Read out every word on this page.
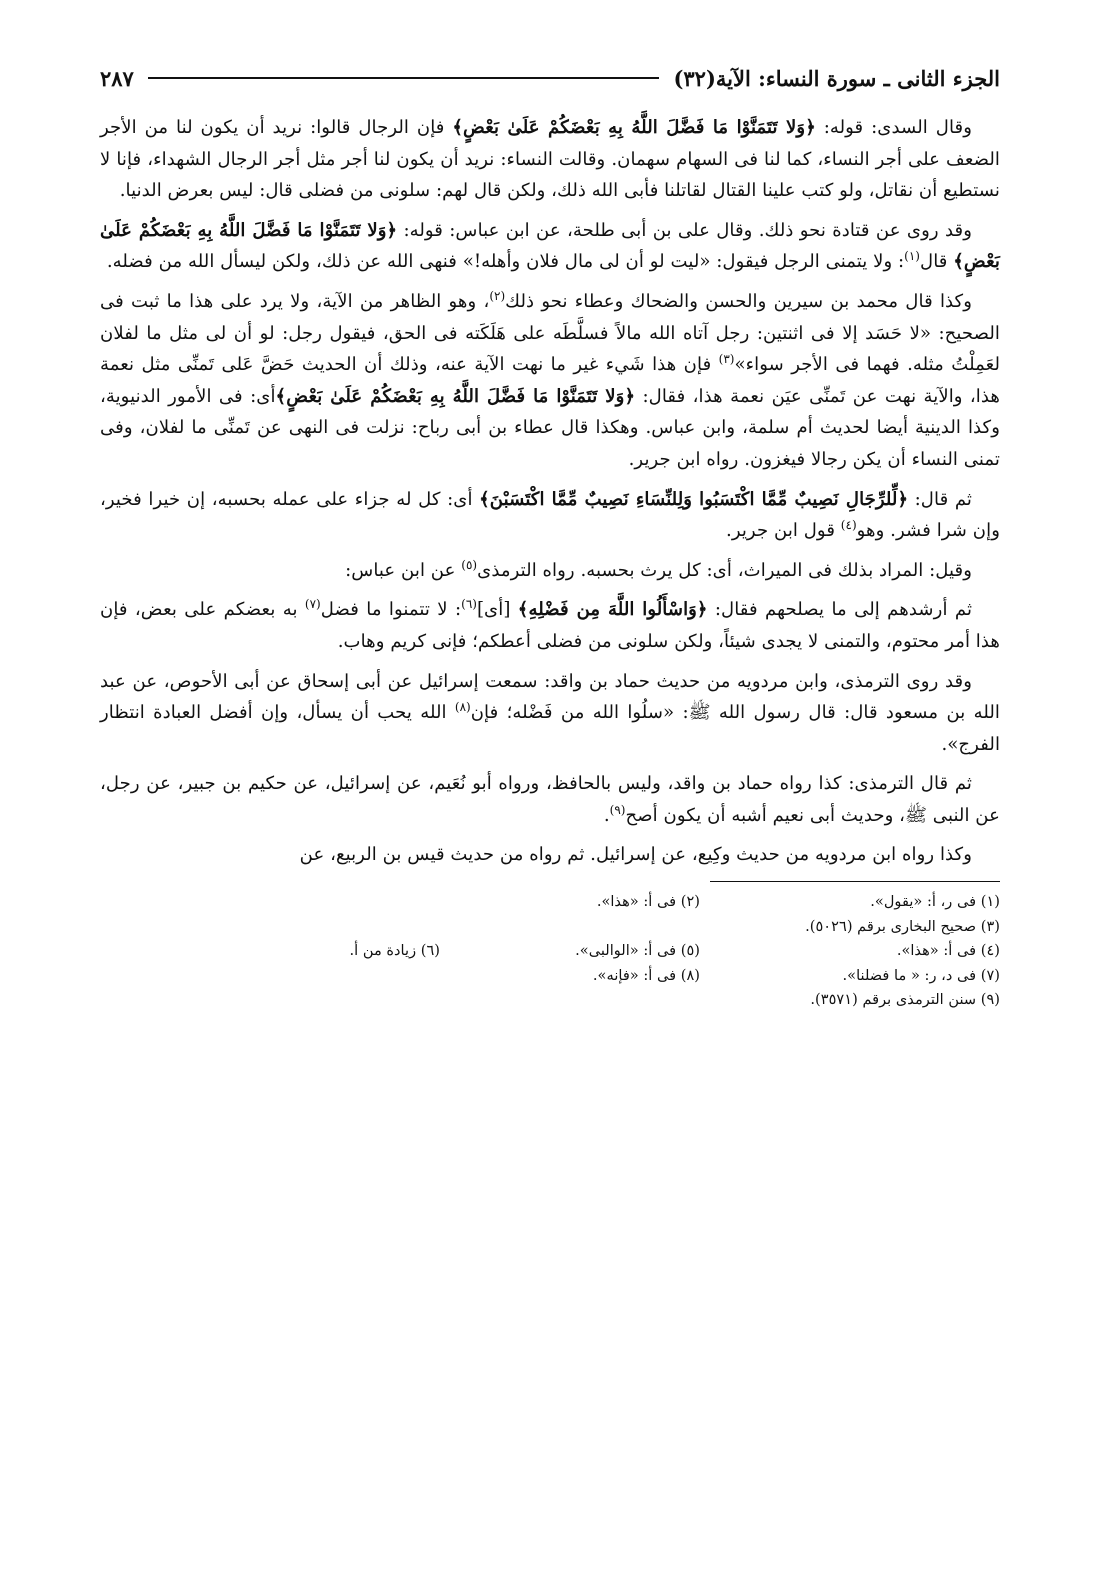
الجزء الثانى ـ سورة النساء: الآية(٣٢)
٢٨٧

وقال السدى: قوله: ﴿وَلا تَتَمَنَّوْا مَا فَضَّلَ اللَّهُ بِهِ بَعْضَكُمْ عَلَىٰ بَعْضٍ﴾ فإن الرجال قالوا: نريد أن يكون لنا من الأجر الضعف على أجر النساء، كما لنا فى السهام سهمان. وقالت النساء: نريد أن يكون لنا أجر مثل أجر الرجال الشهداء، فإنا لا نستطيع أن نقاتل، ولو كتب علينا القتال لقاتلنا فأبى الله ذلك، ولكن قال لهم: سلونى من فضلى قال: ليس بعرض الدنيا.

وقد روى عن قتادة نحو ذلك. وقال على بن أبى طلحة، عن ابن عباس: قوله: ﴿وَلا تَتَمَنَّوْا مَا فَضَّلَ اللَّهُ بِهِ بَعْضَكُمْ عَلَىٰ بَعْضٍ﴾ قال$^{(١)}$: ولا يتمنى الرجل فيقول: «ليت لو أن لى مال فلان وأهله!» فنهى الله عن ذلك، ولكن ليسأل الله من فضله.

وكذا قال محمد بن سيرين والحسن والضحاك وعطاء نحو ذلك$^{(٢)}$، وهو الظاهر من الآية، ولا يرد على هذا ما ثبت فى الصحيح: «لا حَسَد إلا فى اثنتين: رجل آتاه الله مالاً فسلَّطَه على هَلَكَته فى الحق، فيقول رجل: لو أن لى مثل ما لفلان لعَمِلْتُ مثله. فهما فى الأجر سواء»$^{(٣)}$ فإن هذا شَيء غير ما نهت الآية عنه، وذلك أن الحديث حَضَّ عَلى تَمنِّى مثل نعمة هذا، والآية نهت عن تَمنِّى عيَن نعمة هذا، فقال: ﴿وَلا تَتَمَنَّوْا مَا فَضَّلَ اللَّهُ بِهِ بَعْضَكُمْ عَلَىٰ بَعْضٍ﴾أى: فى الأمور الدنيوية، وكذا الدينية أيضا لحديث أم سلمة، وابن عباس. وهكذا قال عطاء بن أبى رباح: نزلت فى النهى عن تَمنِّى ما لفلان، وفى تمنى النساء أن يكن رجالا فيغزون. رواه ابن جرير.

ثم قال: ﴿لِّلرِّجَالِ نَصِيبٌ مِّمَّا اكْتَسَبُوا وَلِلنِّسَاءِ نَصِيبٌ مِّمَّا اكْتَسَبْنَ﴾ أى: كل له جزاء على عمله بحسبه، إن خيرا فخير، وإن شرا فشر. وهو$^{(٤)}$ قول ابن جرير.

وقيل: المراد بذلك فى الميراث، أى: كل يرث بحسبه. رواه الترمذى$^{(٥)}$ عن ابن عباس:

ثم أرشدهم إلى ما يصلحهم فقال: ﴿وَاسْأَلُوا اللَّهَ مِن فَضْلِهِ﴾ [أى]$^{(٦)}$: لا تتمنوا ما فضل$^{(٧)}$ به بعضكم على بعض، فإن هذا أمر محتوم، والتمنى لا يجدى شيئاً، ولكن سلونى من فضلى أعطكم؛ فإنى كريم وهاب.

وقد روى الترمذى، وابن مردويه من حديث حماد بن واقد: سمعت إسرائيل عن أبى إسحاق عن أبى الأحوص، عن عبد الله بن مسعود قال: قال رسول الله ﷺ: «سلُوا الله من فَضْله؛ فإن$^{(٨)}$ الله يحب أن يسأل، وإن أفضل العبادة انتظار الفرج».

ثم قال الترمذى: كذا رواه حماد بن واقد، وليس بالحافظ، ورواه أبو نُعَيم، عن إسرائيل، عن حكيم بن جبير، عن رجل، عن النبى ﷺ، وحديث أبى نعيم أشبه أن يكون أصح$^{(٩)}$.

وكذا رواه ابن مردويه من حديث وكِيع، عن إسرائيل. ثم رواه من حديث قيس بن الربيع، عن

(١) فى ر، أ: «يقول».
(٢) فى أ: «هذا».
(٣) صحيح البخارى برقم (٥٠٢٦).
(٤) فى أ: «هذا».
(٥) فى أ: «الوالبى».
(٦) زيادة من أ.
(٧) فى د، ر: « ما فضلنا».
(٨) فى أ: «فإنه».
(٩) سنن الترمذى برقم (٣٥٧١).
